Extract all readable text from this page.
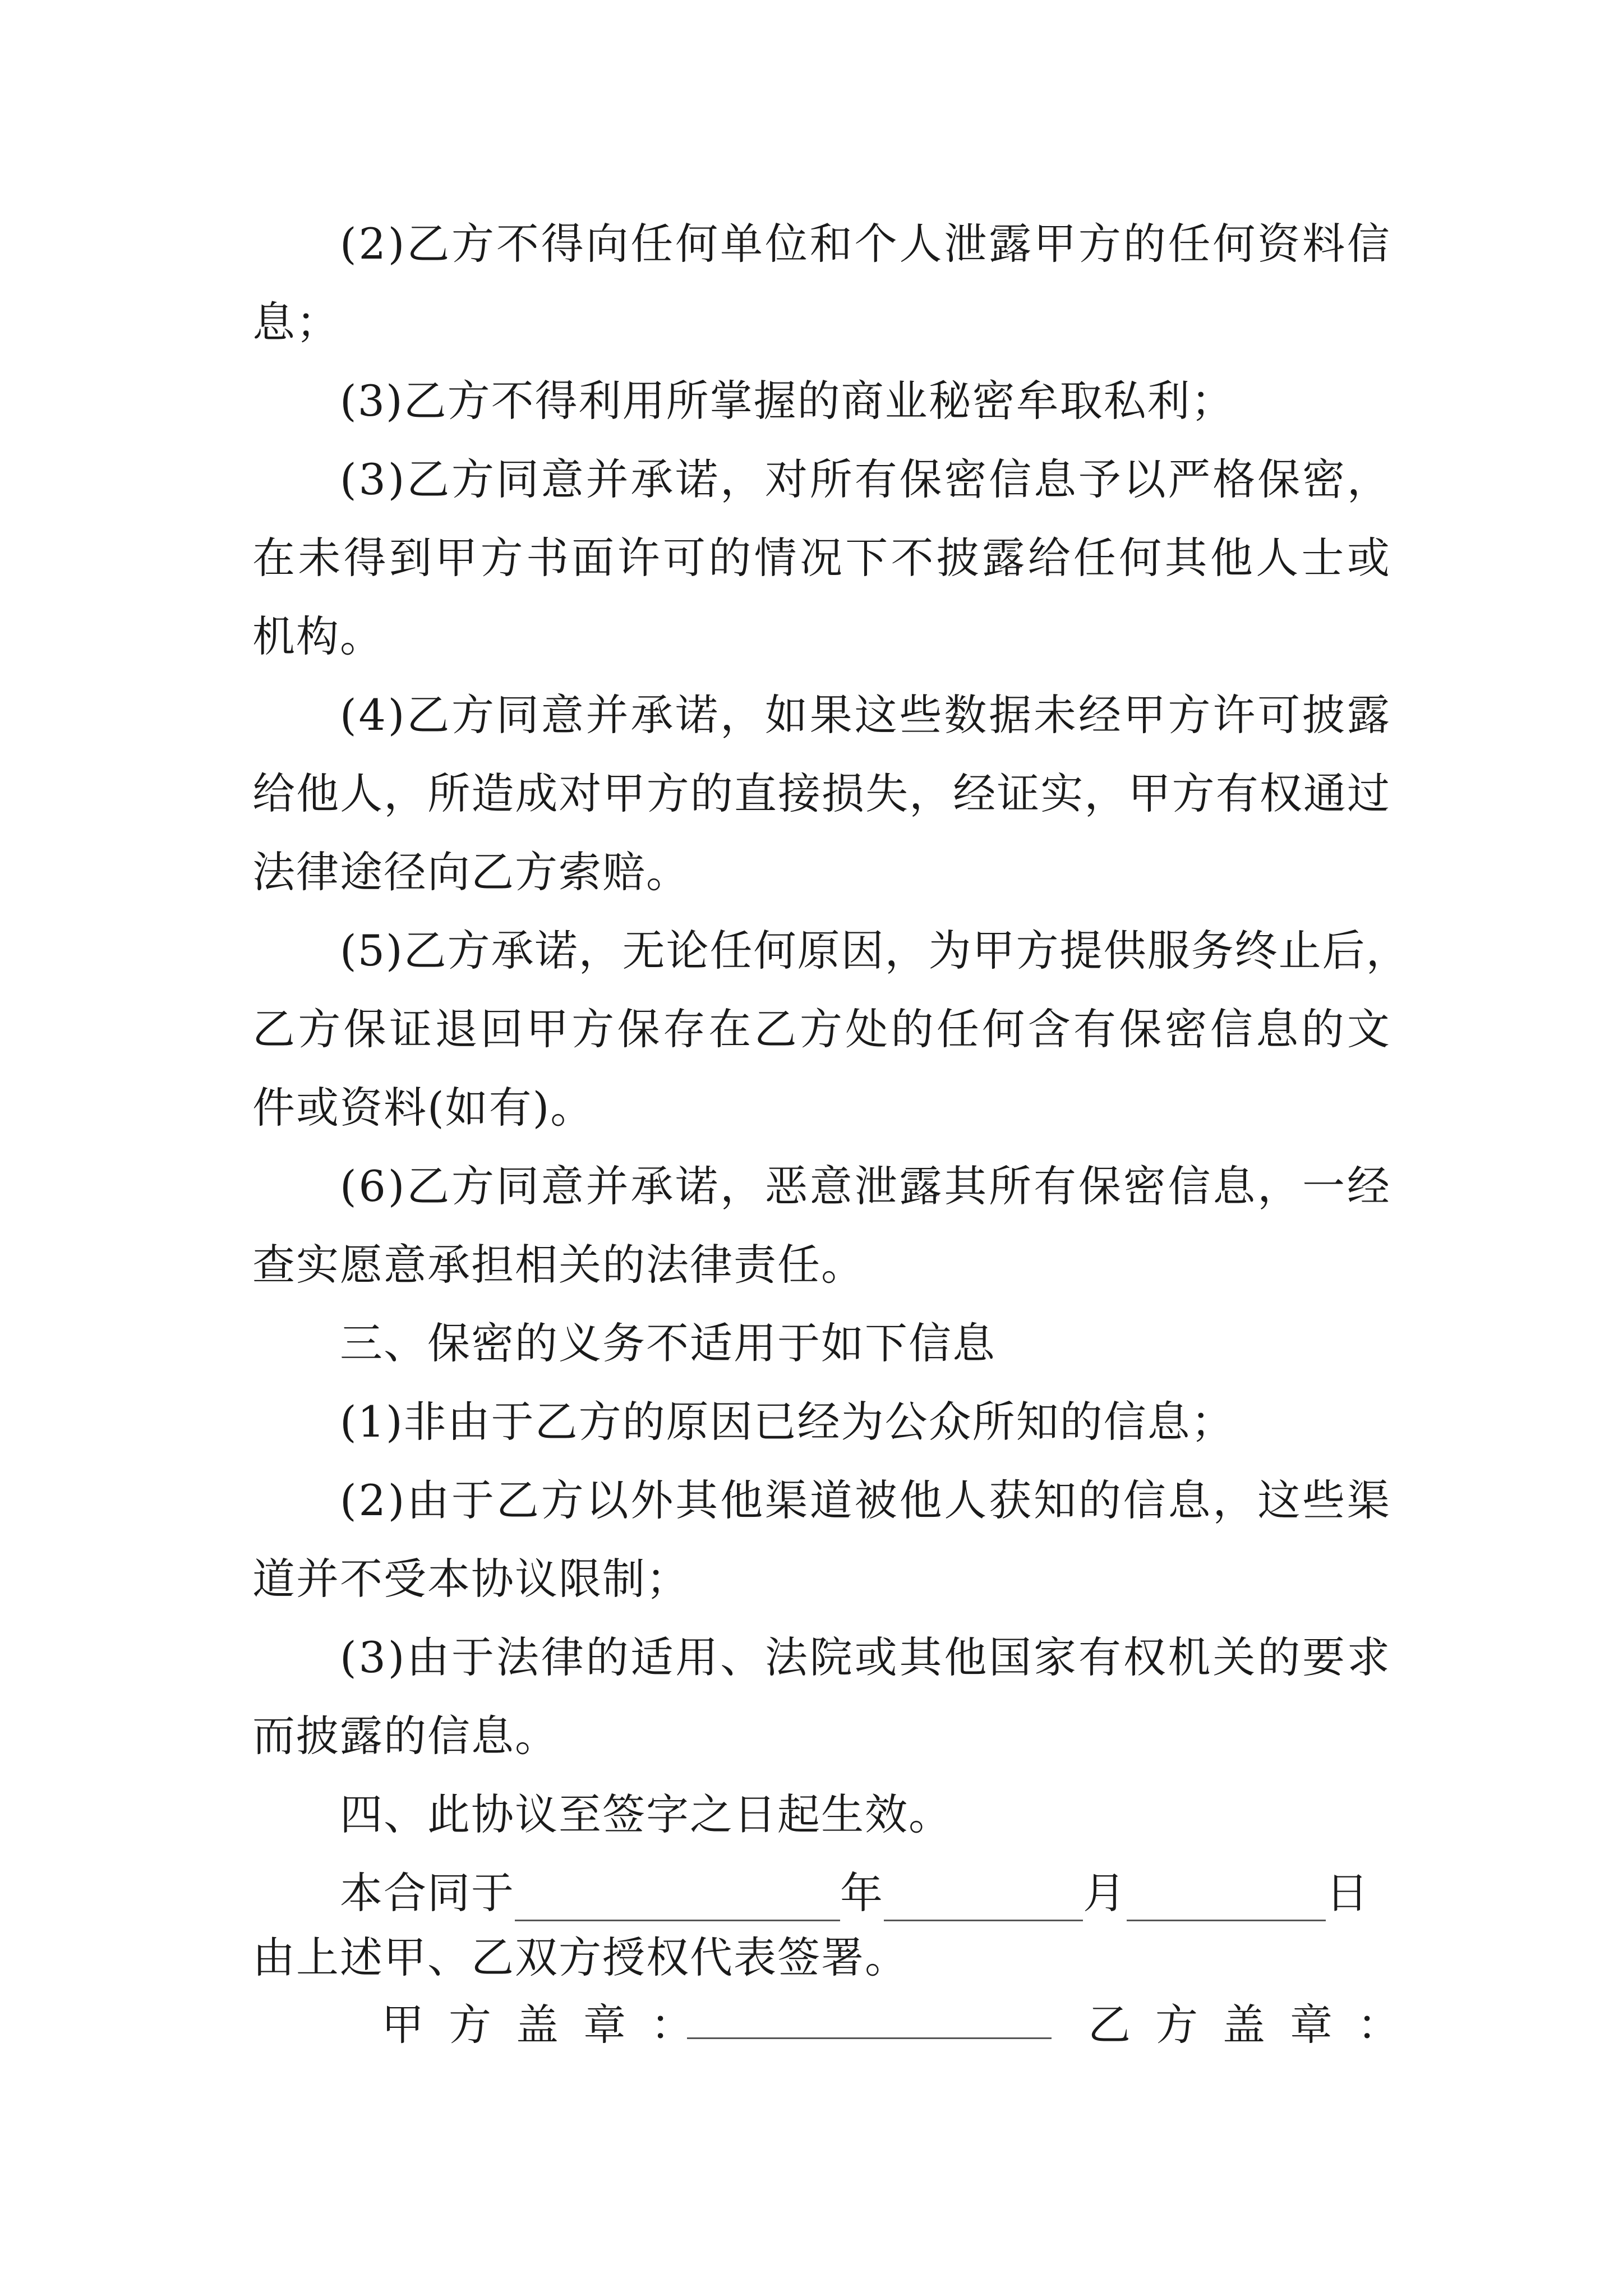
( 2 ) 乙 方 不 得 向 任 何 单 位 和 个 人 泄 露 甲 方 的 任 何 资 料 信
息；
(3)乙方不得利用所掌握的商业秘密牟取私利；
( 3 ) 乙 方 同 意 并 承 诺 ， 对 所 有 保 密 信 息 予 以 严 格 保 密 ，
在 未 得 到 甲 方 书 面 许 可 的 情 况 下 不 披 露 给 任 何 其 他 人 士 或
机构。
( 4 ) 乙 方 同 意 并 承 诺 ， 如 果 这 些 数 据 未 经 甲 方 许 可 披 露
给 他 人 ， 所 造 成 对 甲 方 的 直 接 损 失 ， 经 证 实 ， 甲 方 有 权 通 过
法律途径向乙方索赔。
( 5 ) 乙 方 承 诺 ， 无 论 任 何 原 因 ， 为 甲 方 提 供 服 务 终 止 后 ，
乙 方 保 证 退 回 甲 方 保 存 在 乙 方 处 的 任 何 含 有 保 密 信 息 的 文
件或资料(如有)。
( 6 ) 乙 方 同 意 并 承 诺 ， 恶 意 泄 露 其 所 有 保 密 信 息 ， 一 经
查实愿意承担相关的法律责任。
三、保密的义务不适用于如下信息
(1)非由于乙方的原因已经为公众所知的信息；
( 2 ) 由 于 乙 方 以 外 其 他 渠 道 被 他 人 获 知 的 信 息 ， 这 些 渠
道并不受本协议限制；
( 3 ) 由 于 法 律 的 适 用 、 法 院 或 其 他 国 家 有 权 机 关 的 要 求
而披露的信息。
四、此协议至签字之日起生效。
本合同于	年	月	日
由上述甲、乙双方授权代表签署。
甲方盖章：	乙方盖章：
